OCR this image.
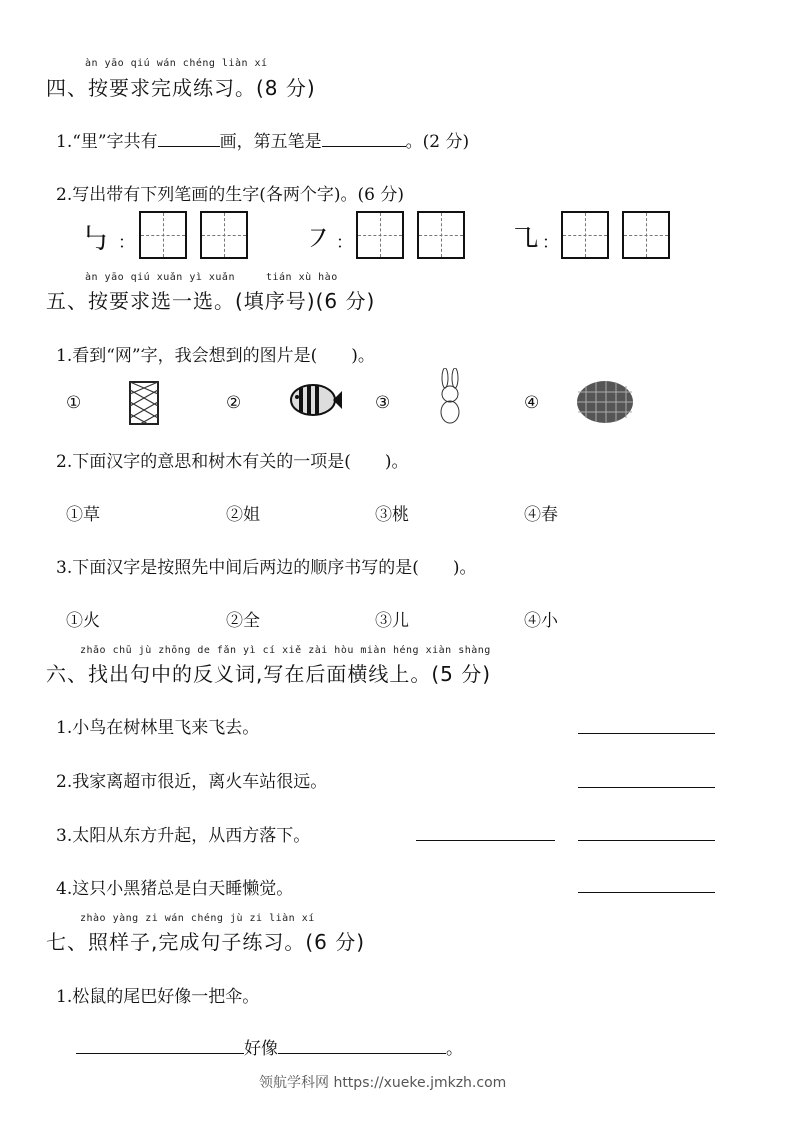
àn yāo qiú wán chéng liàn xí
四、按要求完成练习。(8 分)
1.“里”字共有	画，第五笔是	。(2 分)
2.写出带有下列笔画的生字(各两个字)。(6 分)
㇉ ：	㇇ ：	㇈ ：
àn yāo qiú xuǎn yì xuǎn	tián xù hào
五、按要求选一选。(填序号)(6 分)
1.看到“网”字，我会想到的图片是(　　)。
①	②	③	④
2.下面汉字的意思和树木有关的一项是(　　)。
①草	②姐	③桃	④春
3.下面汉字是按照先中间后两边的顺序书写的是(　　)。
①火	②全	③儿	④小
zhǎo chū jù zhōng de fǎn yì cí xiě zài hòu miàn héng xiàn shàng
六、找出句中的反义词,写在后面横线上。(5 分)
1.小鸟在树林里飞来飞去。
2.我家离超市很近，离火车站很远。
3.太阳从东方升起，从西方落下。
4.这只小黑猪总是白天睡懒觉。
zhào yàng zi wán chéng jù zi liàn xí
七、照样子,完成句子练习。(6 分)
1.松鼠的尾巴好像一把伞。
好像	。
领航学科网 https://xueke.jmkzh.com
